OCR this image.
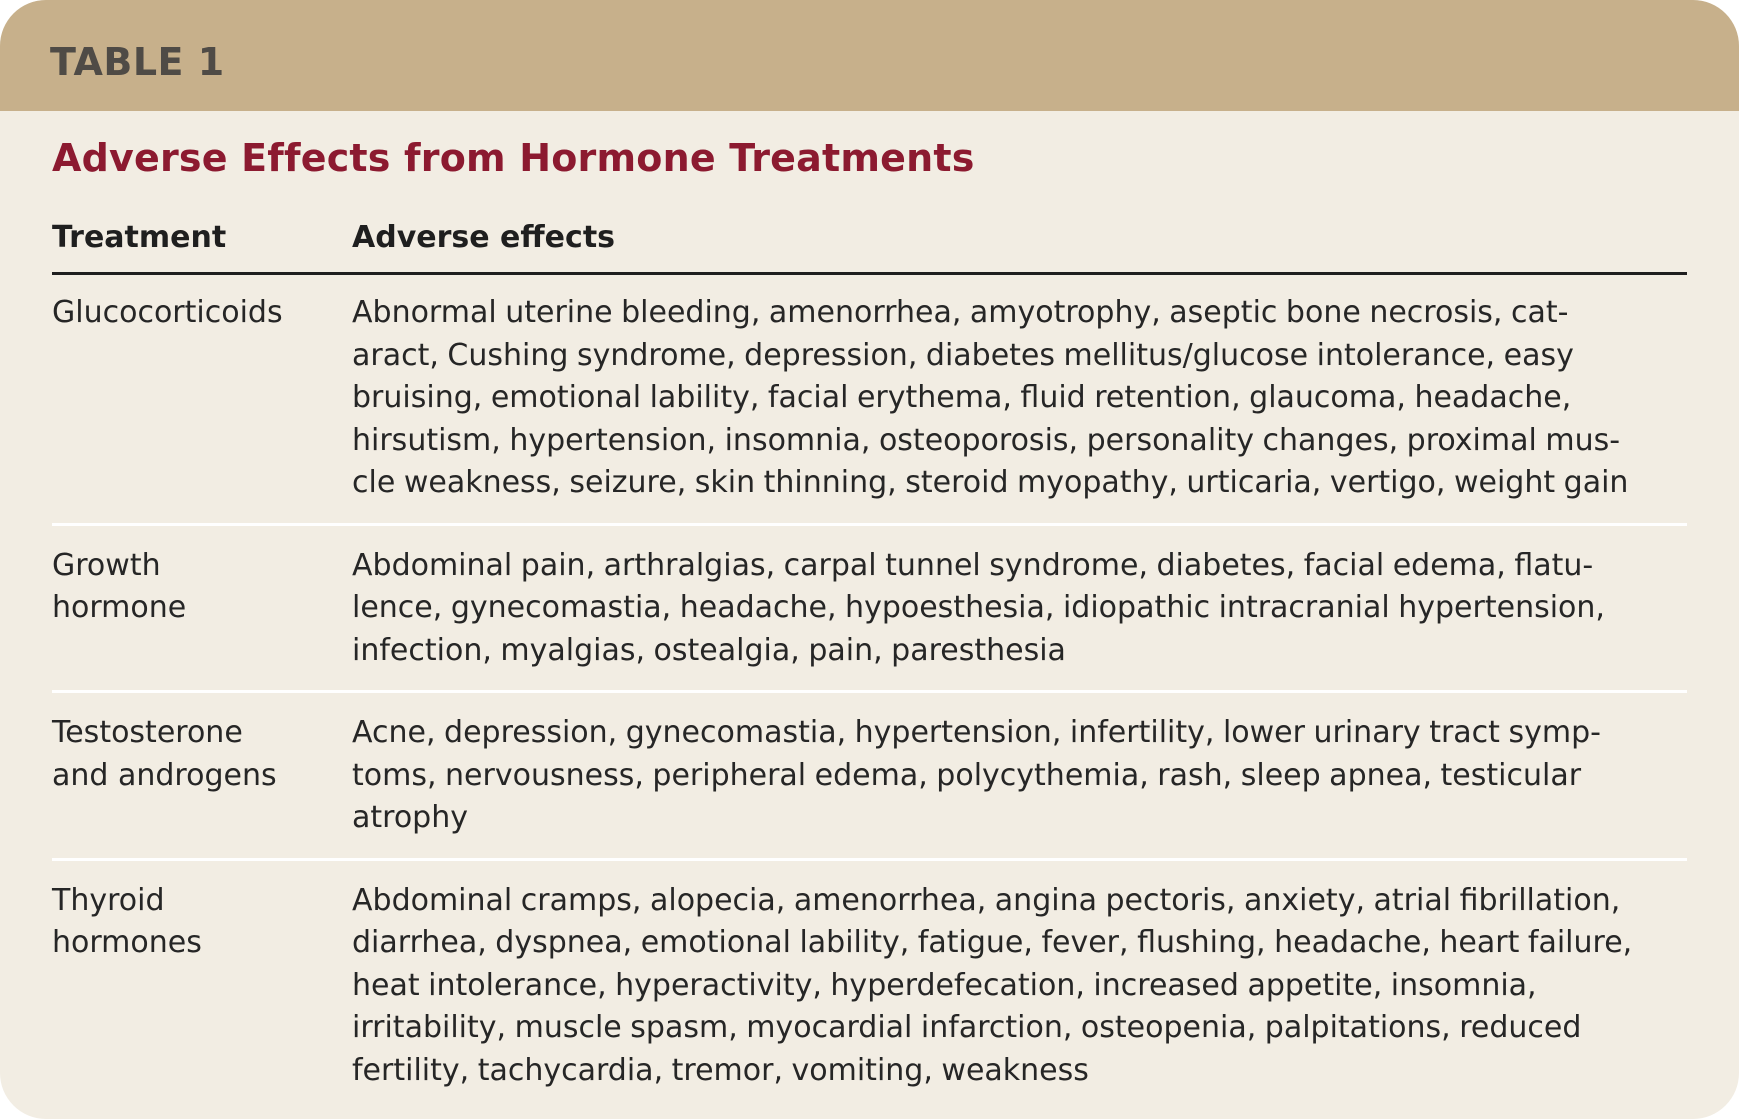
TABLE 1
Adverse Effects from Hormone Treatments
Treatment	Adverse effects
Glucocorticoids	Abnormal uterine bleeding, amenorrhea, amyotrophy, aseptic bone necrosis, cat-
aract, Cushing syndrome, depression, diabetes mellitus/glucose intolerance, easy
bruising, emotional lability, facial erythema, fluid retention, glaucoma, headache,
hirsutism, hypertension, insomnia, osteoporosis, personality changes, proximal mus-
cle weakness, seizure, skin thinning, steroid myopathy, urticaria, vertigo, weight gain
Growth
hormone
Abdominal pain, arthralgias, carpal tunnel syndrome, diabetes, facial edema, flatu-
lence, gynecomastia, headache, hypoesthesia, idiopathic intracranial hypertension,
infection, myalgias, ostealgia, pain, paresthesia
Testosterone
and androgens
Acne, depression, gynecomastia, hypertension, infertility, lower urinary tract symp-
toms, nervousness, peripheral edema, polycythemia, rash, sleep apnea, testicular
atrophy
Thyroid
hormones
Abdominal cramps, alopecia, amenorrhea, angina pectoris, anxiety, atrial fibrillation,
diarrhea, dyspnea, emotional lability, fatigue, fever, flushing, headache, heart failure,
heat intolerance, hyperactivity, hyperdefecation, increased appetite, insomnia,
irritability, muscle spasm, myocardial infarction, osteopenia, palpitations, reduced
fertility, tachycardia, tremor, vomiting, weakness
